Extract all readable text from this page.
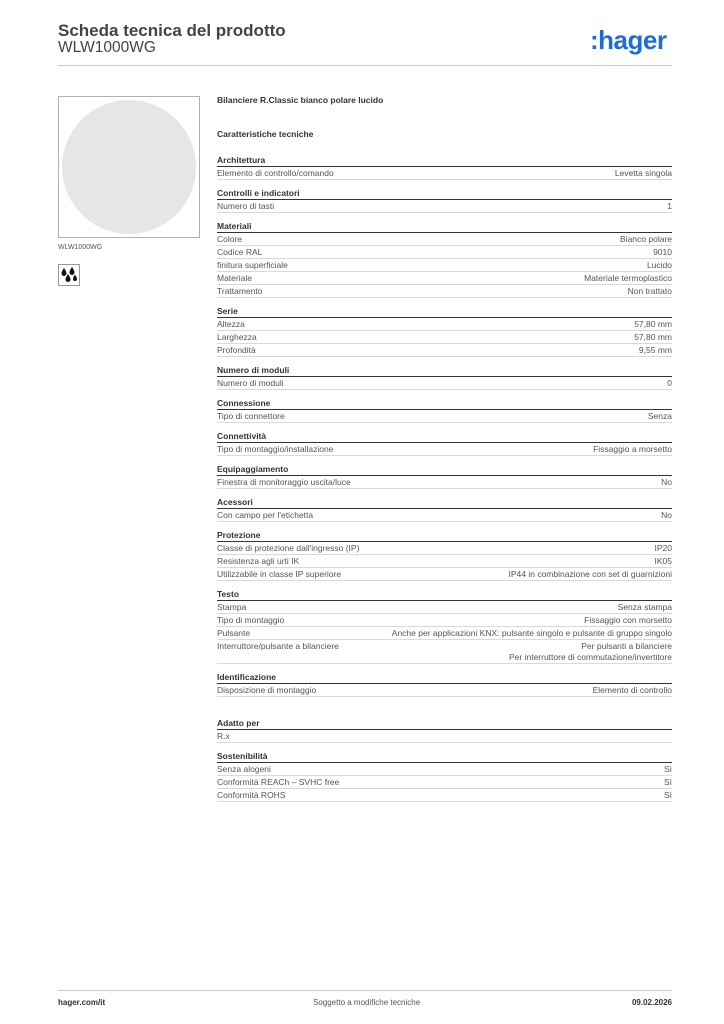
Scheda tecnica del prodotto
WLW1000WG	:hager
WLW1000WG
Bilanciere R.Classic bianco polare lucido
Caratteristiche tecniche
Architettura
Elemento di controllo/comando	Levetta singola
Controlli e indicatori
Numero di tasti	1
Materiali
Colore	Bianco polare
Codice RAL	9010
finitura superficiale	Lucido
Materiale	Materiale termoplastico
Trattamento	Non trattato
Serie
Altezza	57,80 mm
Larghezza	57,80 mm
Profondità	9,55 mm
Numero di moduli
Numero di moduli	0
Connessione
Tipo di connettore	Senza
Connettività
Tipo di montaggio/installazione	Fissaggio a morsetto
Equipaggiamento
Finestra di monitoraggio uscita/luce	No
Acessori
Con campo per l'etichetta	No
Protezione
Classe di protezione dall'ingresso (IP)	IP20
Resistenza agli urti IK	IK05
Utilizzabile in classe IP superiore	IP44 in combinazione con set di guarnizioni
Testo
Stampa	Senza stampa
Tipo di montaggio	Fissaggio con morsetto
Pulsante	Anche per applicazioni KNX: pulsante singolo e pulsante di gruppo singolo
Interruttore/pulsante a bilanciere	Per pulsanti a bilanciere
Per interruttore di commutazione/invertitore
Identificazione
Disposizione di montaggio	Elemento di controllo
Adatto per
R.x
Sostenibilità
Senza alogeni	Sì
Conformità REACh – SVHC free	Sì
Conformità ROHS	Sì
hager.com/it	Soggetto a modifiche tecniche	09.02.2026
